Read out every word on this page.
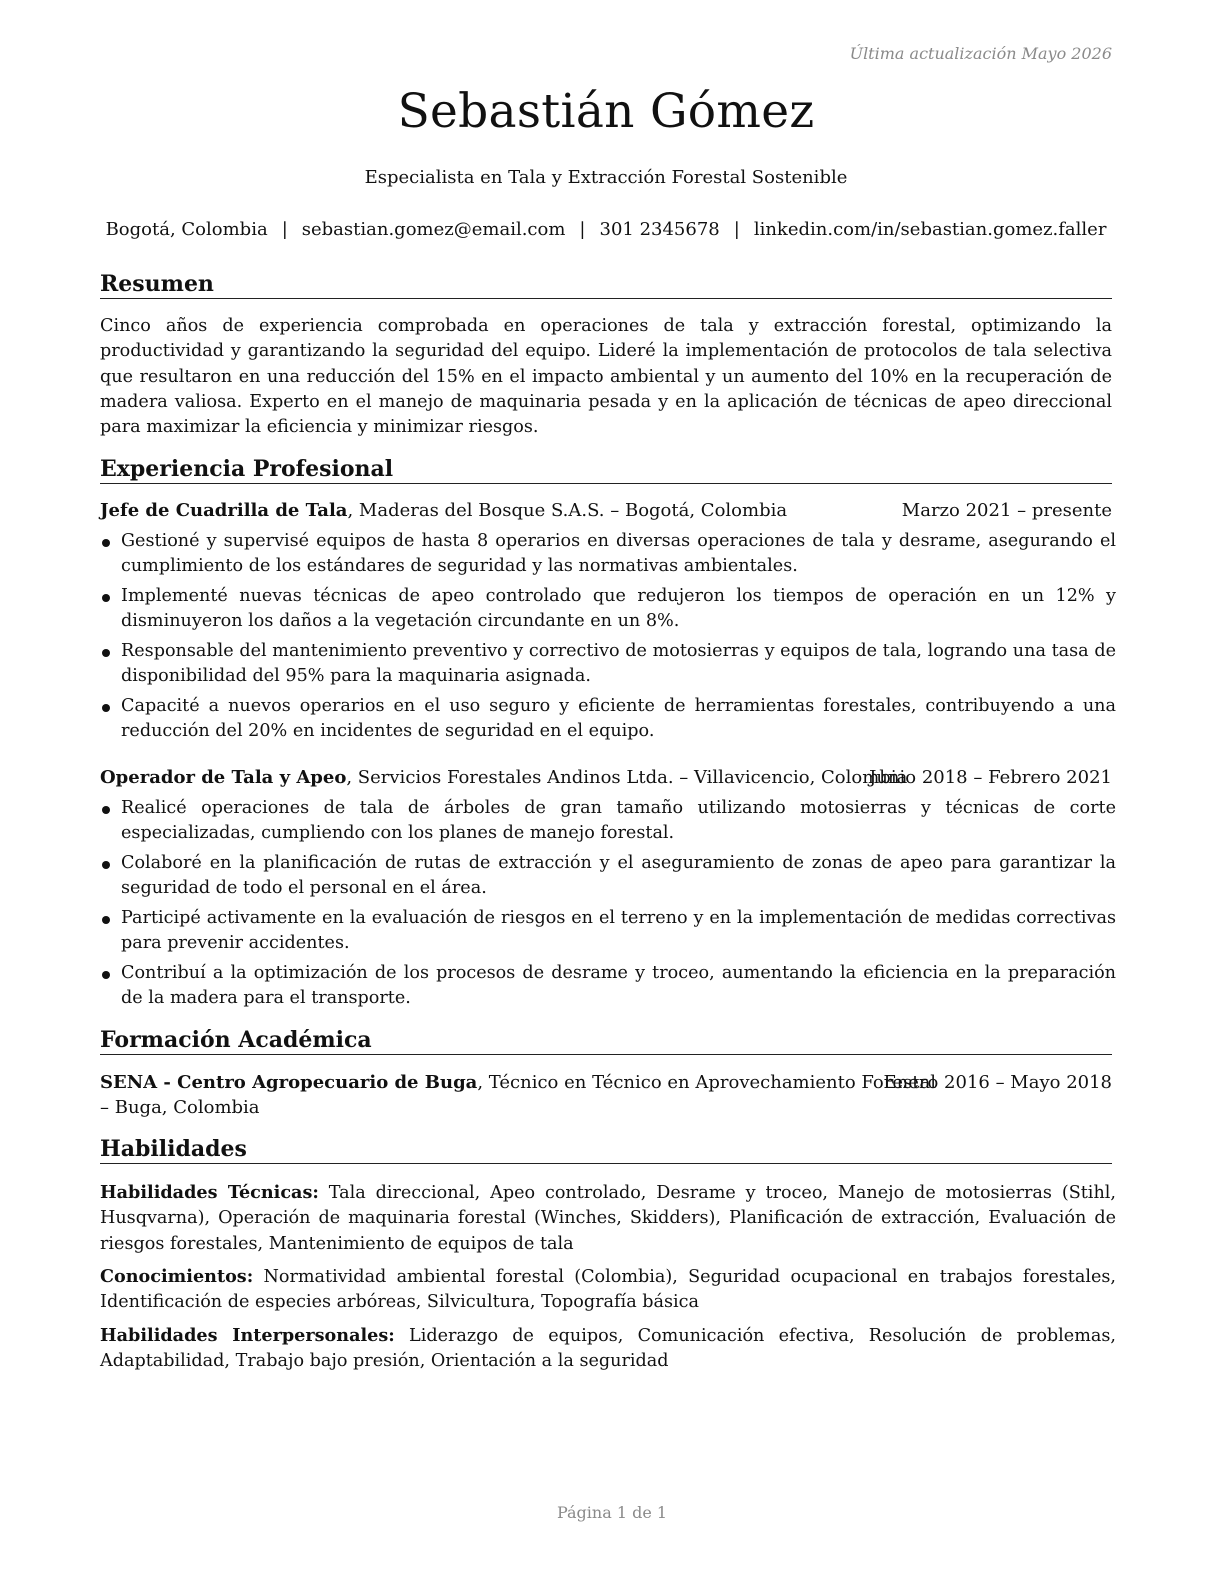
Última actualización Mayo 2026
Sebastián Gómez
Especialista en Tala y Extracción Forestal Sostenible
Bogotá, Colombia | sebastian.gomez@email.com | 301 2345678 | linkedin.com/in/sebastian.gomez.faller
Resumen
Cinco años de experiencia comprobada en operaciones de tala y extracción forestal, optimizando la productividad y garantizando la seguridad del equipo. Lideré la implementación de protocolos de tala selectiva que resultaron en una reducción del 15% en el impacto ambiental y un aumento del 10% en la recuperación de madera valiosa. Experto en el manejo de maquinaria pesada y en la aplicación de técnicas de apeo direccional para maximizar la eficiencia y minimizar riesgos.
Experiencia Profesional
Jefe de Cuadrilla de Tala, Maderas del Bosque S.A.S. – Bogotá, Colombia	Marzo 2021 – presente
Gestioné y supervisé equipos de hasta 8 operarios en diversas operaciones de tala y desrame, asegurando el cumplimiento de los estándares de seguridad y las normativas ambientales.
Implementé nuevas técnicas de apeo controlado que redujeron los tiempos de operación en un 12% y disminuyeron los daños a la vegetación circundante en un 8%.
Responsable del mantenimiento preventivo y correctivo de motosierras y equipos de tala, logrando una tasa de disponibilidad del 95% para la maquinaria asignada.
Capacité a nuevos operarios en el uso seguro y eficiente de herramientas forestales, contribuyendo a una reducción del 20% en incidentes de seguridad en el equipo.
Operador de Tala y Apeo, Servicios Forestales Andinos Ltda. – Villavicencio, Colombia
Junio 2018 – Febrero 2021
Realicé operaciones de tala de árboles de gran tamaño utilizando motosierras y técnicas de corte especializadas, cumpliendo con los planes de manejo forestal.
Colaboré en la planificación de rutas de extracción y el aseguramiento de zonas de apeo para garantizar la seguridad de todo el personal en el área.
Participé activamente en la evaluación de riesgos en el terreno y en la implementación de medidas correctivas para prevenir accidentes.
Contribuí a la optimización de los procesos de desrame y troceo, aumentando la eficiencia en la preparación de la madera para el transporte.
Formación Académica
SENA - Centro Agropecuario de Buga, Técnico en Técnico en Aprovechamiento Forestal
Enero 2016 – Mayo 2018
– Buga, Colombia
Habilidades
Habilidades Técnicas: Tala direccional, Apeo controlado, Desrame y troceo, Manejo de motosierras (Stihl, Husqvarna), Operación de maquinaria forestal (Winches, Skidders), Planificación de extracción, Evaluación de riesgos forestales, Mantenimiento de equipos de tala
Conocimientos: Normatividad ambiental forestal (Colombia), Seguridad ocupacional en trabajos forestales, Identificación de especies arbóreas, Silvicultura, Topografía básica
Habilidades Interpersonales: Liderazgo de equipos, Comunicación efectiva, Resolución de problemas, Adaptabilidad, Trabajo bajo presión, Orientación a la seguridad
Página 1 de 1
